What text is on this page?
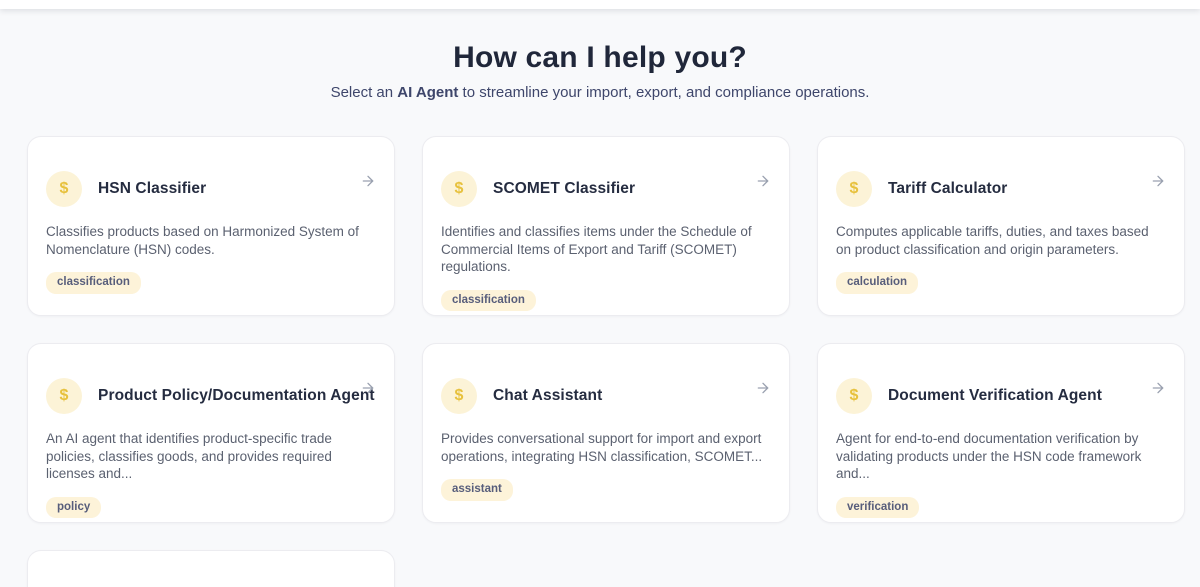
How can I help you?
Select an AI Agent to streamline your import, export, and compliance operations.
$ HSN Classifier
Classifies products based on Harmonized System of Nomenclature (HSN) codes.
classification
$ SCOMET Classifier
Identifies and classifies items under the Schedule of Commercial Items of Export and Tariff (SCOMET) regulations.
classification
$ Tariff Calculator
Computes applicable tariffs, duties, and taxes based on product classification and origin parameters.
calculation
$ Product Policy/Documentation Agent
An AI agent that identifies product-specific trade policies, classifies goods, and provides required licenses and...
policy
$ Chat Assistant
Provides conversational support for import and export operations, integrating HSN classification, SCOMET...
assistant
$ Document Verification Agent
Agent for end-to-end documentation verification by validating products under the HSN code framework and...
verification
